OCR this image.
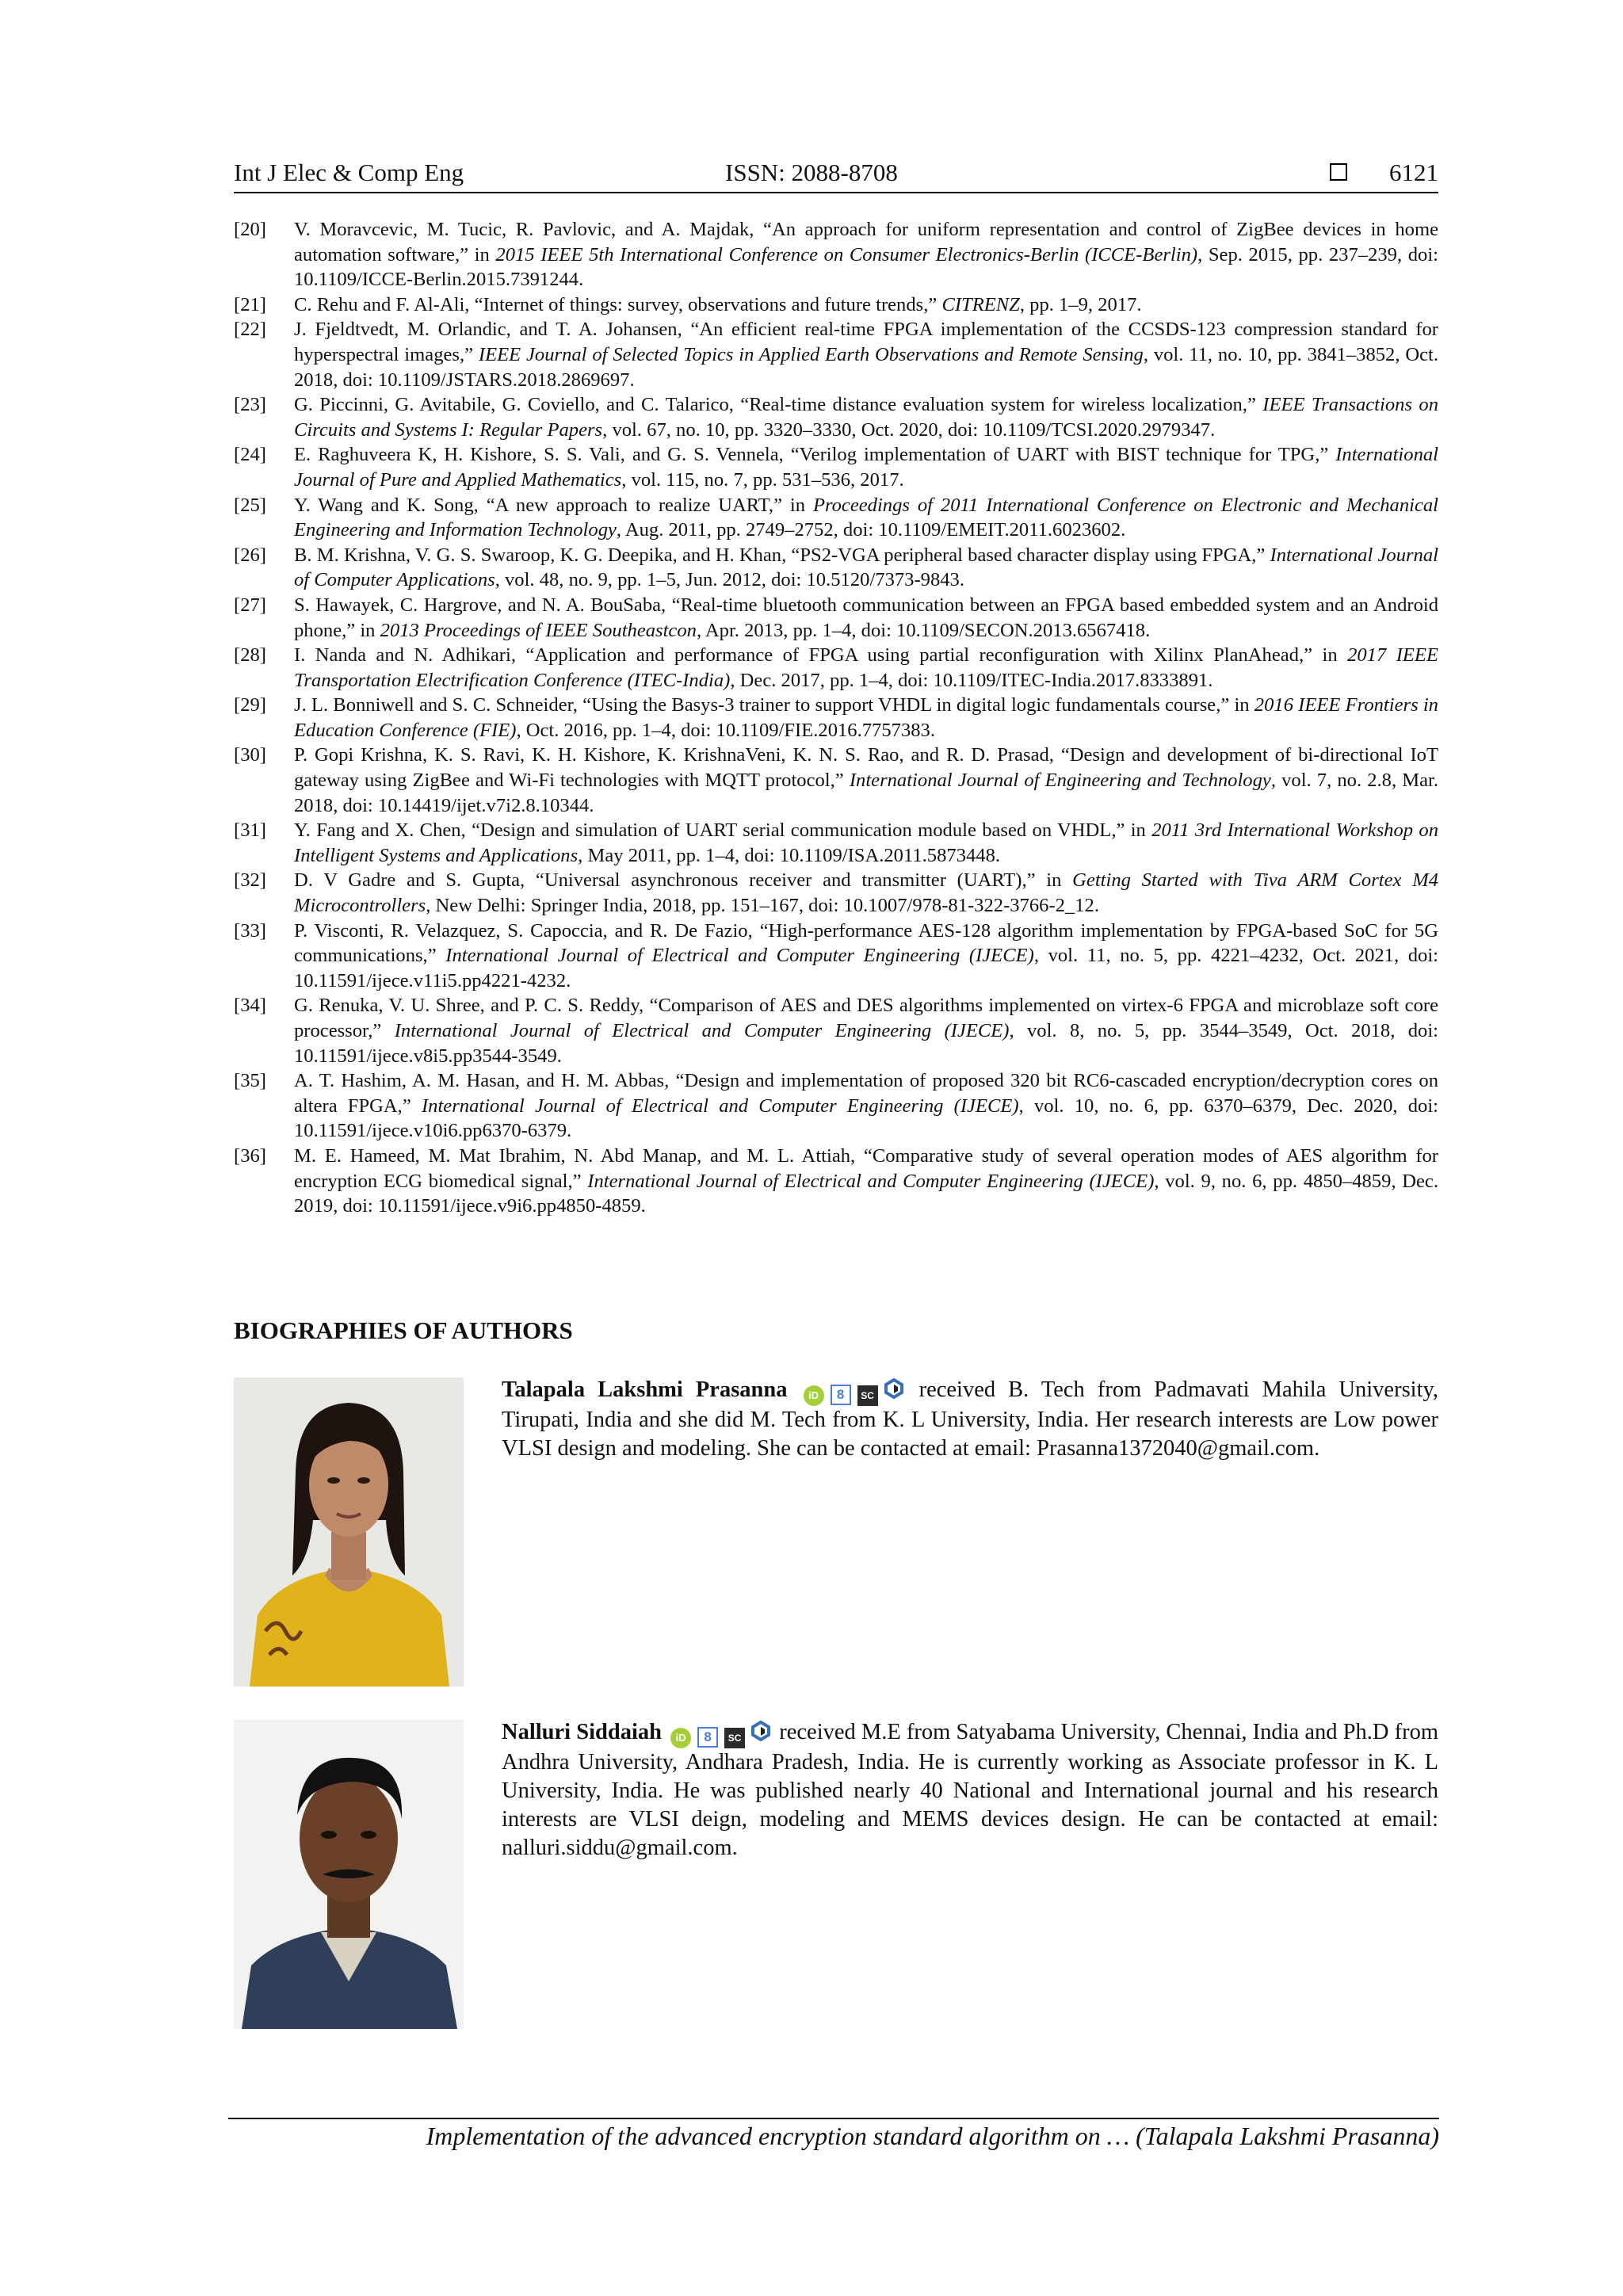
Int J Elec & Comp Eng	ISSN: 2088-8708	6121
[20]	V. Moravcevic, M. Tucic, R. Pavlovic, and A. Majdak, “An approach for uniform representation and control of ZigBee devices in home automation software,” in 2015 IEEE 5th International Conference on Consumer Electronics-Berlin (ICCE-Berlin), Sep. 2015, pp. 237–239, doi: 10.1109/ICCE-Berlin.2015.7391244.
[21]	C. Rehu and F. Al-Ali, “Internet of things: survey, observations and future trends,” CITRENZ, pp. 1–9, 2017.
[22]	J. Fjeldtvedt, M. Orlandic, and T. A. Johansen, “An efficient real-time FPGA implementation of the CCSDS-123 compression standard for hyperspectral images,” IEEE Journal of Selected Topics in Applied Earth Observations and Remote Sensing, vol. 11, no. 10, pp. 3841–3852, Oct. 2018, doi: 10.1109/JSTARS.2018.2869697.
[23]	G. Piccinni, G. Avitabile, G. Coviello, and C. Talarico, “Real-time distance evaluation system for wireless localization,” IEEE Transactions on Circuits and Systems I: Regular Papers, vol. 67, no. 10, pp. 3320–3330, Oct. 2020, doi: 10.1109/TCSI.2020.2979347.
[24]	E. Raghuveera K, H. Kishore, S. S. Vali, and G. S. Vennela, “Verilog implementation of UART with BIST technique for TPG,” International Journal of Pure and Applied Mathematics, vol. 115, no. 7, pp. 531–536, 2017.
[25]	Y. Wang and K. Song, “A new approach to realize UART,” in Proceedings of 2011 International Conference on Electronic and Mechanical Engineering and Information Technology, Aug. 2011, pp. 2749–2752, doi: 10.1109/EMEIT.2011.6023602.
[26]	B. M. Krishna, V. G. S. Swaroop, K. G. Deepika, and H. Khan, “PS2-VGA peripheral based character display using FPGA,” International Journal of Computer Applications, vol. 48, no. 9, pp. 1–5, Jun. 2012, doi: 10.5120/7373-9843.
[27]	S. Hawayek, C. Hargrove, and N. A. BouSaba, “Real-time bluetooth communication between an FPGA based embedded system and an Android phone,” in 2013 Proceedings of IEEE Southeastcon, Apr. 2013, pp. 1–4, doi: 10.1109/SECON.2013.6567418.
[28]	I. Nanda and N. Adhikari, “Application and performance of FPGA using partial reconfiguration with Xilinx PlanAhead,” in 2017 IEEE Transportation Electrification Conference (ITEC-India), Dec. 2017, pp. 1–4, doi: 10.1109/ITEC-India.2017.8333891.
[29]	J. L. Bonniwell and S. C. Schneider, “Using the Basys-3 trainer to support VHDL in digital logic fundamentals course,” in 2016 IEEE Frontiers in Education Conference (FIE), Oct. 2016, pp. 1–4, doi: 10.1109/FIE.2016.7757383.
[30]	P. Gopi Krishna, K. S. Ravi, K. H. Kishore, K. KrishnaVeni, K. N. S. Rao, and R. D. Prasad, “Design and development of bi-directional IoT gateway using ZigBee and Wi-Fi technologies with MQTT protocol,” International Journal of Engineering and Technology, vol. 7, no. 2.8, Mar. 2018, doi: 10.14419/ijet.v7i2.8.10344.
[31]	Y. Fang and X. Chen, “Design and simulation of UART serial communication module based on VHDL,” in 2011 3rd International Workshop on Intelligent Systems and Applications, May 2011, pp. 1–4, doi: 10.1109/ISA.2011.5873448.
[32]	D. V Gadre and S. Gupta, “Universal asynchronous receiver and transmitter (UART),” in Getting Started with Tiva ARM Cortex M4 Microcontrollers, New Delhi: Springer India, 2018, pp. 151–167, doi: 10.1007/978-81-322-3766-2_12.
[33]	P. Visconti, R. Velazquez, S. Capoccia, and R. De Fazio, “High-performance AES-128 algorithm implementation by FPGA-based SoC for 5G communications,” International Journal of Electrical and Computer Engineering (IJECE), vol. 11, no. 5, pp. 4221–4232, Oct. 2021, doi: 10.11591/ijece.v11i5.pp4221-4232.
[34]	G. Renuka, V. U. Shree, and P. C. S. Reddy, “Comparison of AES and DES algorithms implemented on virtex-6 FPGA and microblaze soft core processor,” International Journal of Electrical and Computer Engineering (IJECE), vol. 8, no. 5, pp. 3544–3549, Oct. 2018, doi: 10.11591/ijece.v8i5.pp3544-3549.
[35]	A. T. Hashim, A. M. Hasan, and H. M. Abbas, “Design and implementation of proposed 320 bit RC6-cascaded encryption/decryption cores on altera FPGA,” International Journal of Electrical and Computer Engineering (IJECE), vol. 10, no. 6, pp. 6370–6379, Dec. 2020, doi: 10.11591/ijece.v10i6.pp6370-6379.
[36]	M. E. Hameed, M. Mat Ibrahim, N. Abd Manap, and M. L. Attiah, “Comparative study of several operation modes of AES algorithm for encryption ECG biomedical signal,” International Journal of Electrical and Computer Engineering (IJECE), vol. 9, no. 6, pp. 4850–4859, Dec. 2019, doi: 10.11591/ijece.v9i6.pp4850-4859.
BIOGRAPHIES OF AUTHORS
Talapala Lakshmi Prasanna iD 8 SC received B. Tech from Padmavati Mahila University, Tirupati, India and she did M. Tech from K. L University, India. Her research interests are Low power VLSI design and modeling. She can be contacted at email: Prasanna1372040@gmail.com.
Nalluri Siddaiah iD 8 SC received M.E from Satyabama University, Chennai, India and Ph.D from Andhra University, Andhara Pradesh, India. He is currently working as Associate professor in K. L University, India. He was published nearly 40 National and International journal and his research interests are VLSI deign, modeling and MEMS devices design. He can be contacted at email: nalluri.siddu@gmail.com.
Implementation of the advanced encryption standard algorithm on … (Talapala Lakshmi Prasanna)
